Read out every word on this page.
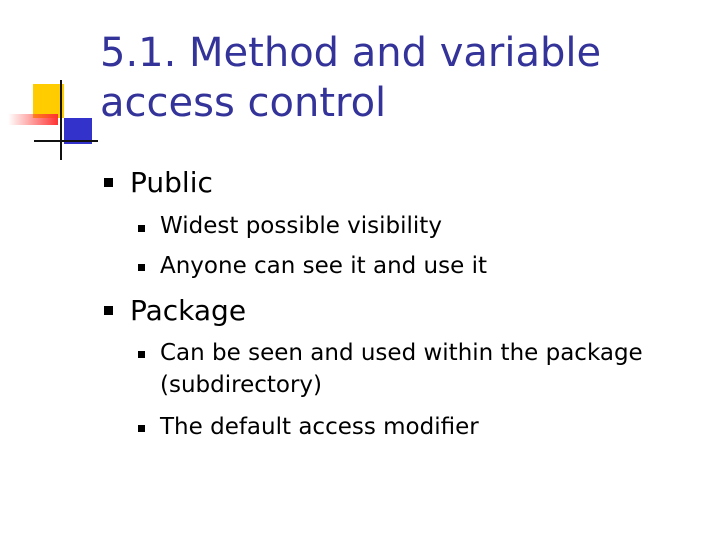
5.1. Method and variable
access control
Public
Widest possible visibility
Anyone can see it and use it
Package
Can be seen and used within the package
(subdirectory)
The default access modifier
